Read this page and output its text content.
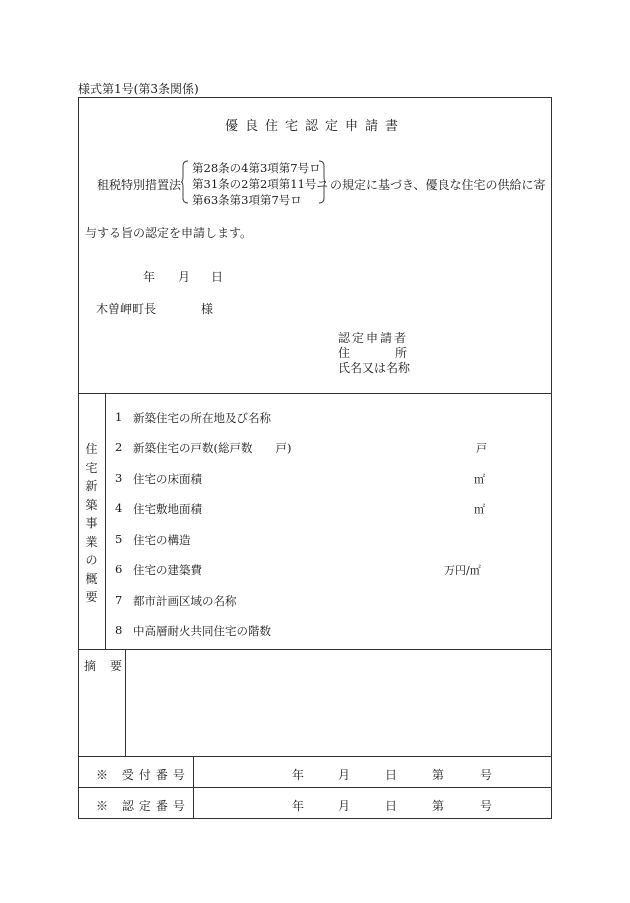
様式第1号(第3条関係)
優良住宅認定申請書
租税特別措置法
第28条の4第3項第7号ロ
第31条の2第2項第11号ニ
第63条第3項第7号ロ
の規定に基づき、優良な住宅の供給に寄
与する旨の認定を申請します。
年 月 日
木曽岬町長	様
認定申請者
住	所
氏名又は名称
住
宅
新
築
事
業
の
概
要
1 新築住宅の所在地及び名称
2 新築住宅の戸数(総戸数　　戸)	戸
3 住宅の床面積	㎡
4 住宅敷地面積	㎡
5 住宅の構造
6 住宅の建築費	万円/㎡
7 都市計画区域の名称
8 中高層耐火共同住宅の階数
摘要
※ 受付番号	年	月	日	第	号
※ 認定番号	年	月	日	第	号
